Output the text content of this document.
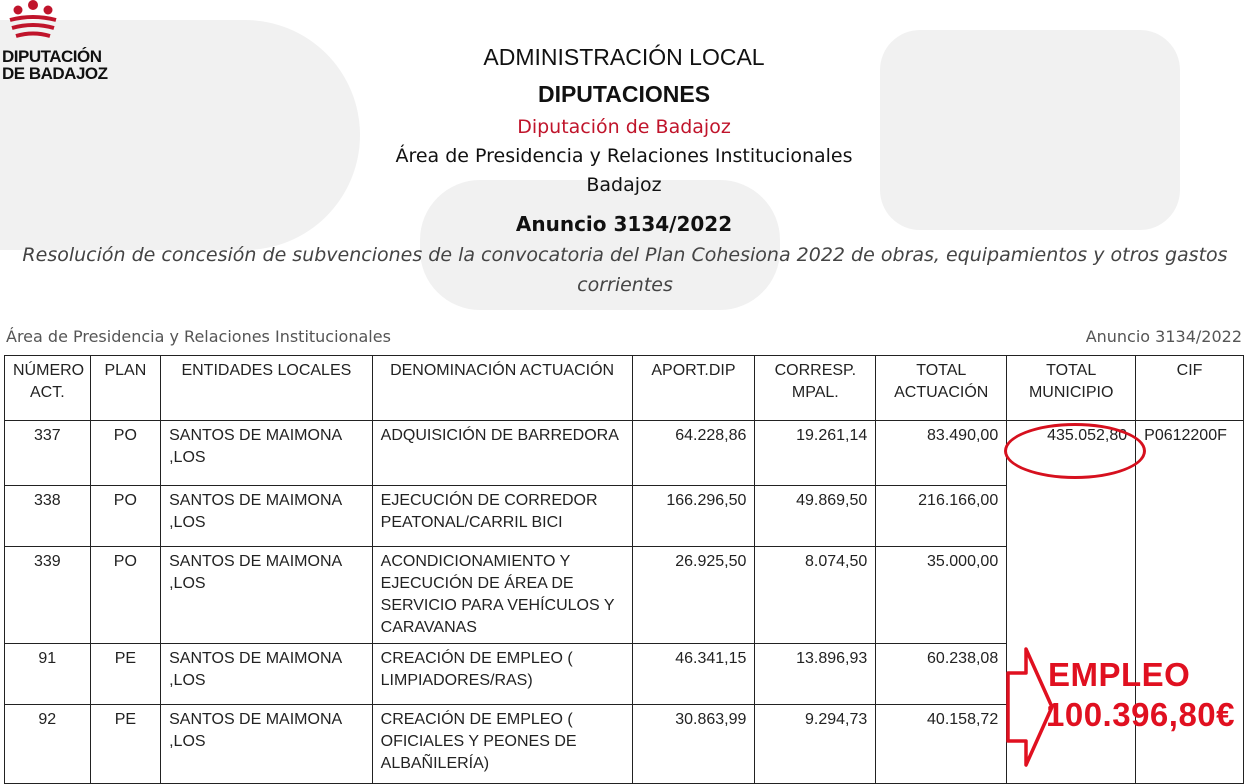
DIPUTACIÓN
DE BADAJOZ
ADMINISTRACIÓN LOCAL
DIPUTACIONES
Diputación de Badajoz
Área de Presidencia y Relaciones Institucionales
Badajoz
Anuncio 3134/2022
Resolución de concesión de subvenciones de la convocatoria del Plan Cohesiona 2022 de obras, equipamientos y otros gastos corrientes
Área de Presidencia y Relaciones Institucionales	Anuncio 3134/2022
NÚMERO ACT.	PLAN	ENTIDADES LOCALES	DENOMINACIÓN ACTUACIÓN	APORT.DIP	CORRESP. MPAL.	TOTAL ACTUACIÓN	TOTAL MUNICIPIO	CIF
337	PO	SANTOS DE MAIMONA ,LOS	ADQUISICIÓN DE BARREDORA	64.228,86	19.261,14	83.490,00	435.052,80	P0612200F
338	PO	SANTOS DE MAIMONA ,LOS	EJECUCIÓN DE CORREDOR PEATONAL/CARRIL BICI	166.296,50	49.869,50	216.166,00		
339	PO	SANTOS DE MAIMONA ,LOS	ACONDICIONAMIENTO Y EJECUCIÓN DE ÁREA DE SERVICIO PARA VEHÍCULOS Y CARAVANAS	26.925,50	8.074,50	35.000,00		
91	PE	SANTOS DE MAIMONA ,LOS	CREACIÓN DE EMPLEO ( LIMPIADORES/RAS)	46.341,15	13.896,93	60.238,08		
92	PE	SANTOS DE MAIMONA ,LOS	CREACIÓN DE EMPLEO ( OFICIALES Y PEONES DE ALBAÑILERÍA)	30.863,99	9.294,73	40.158,72		
EMPLEO
100.396,80€
